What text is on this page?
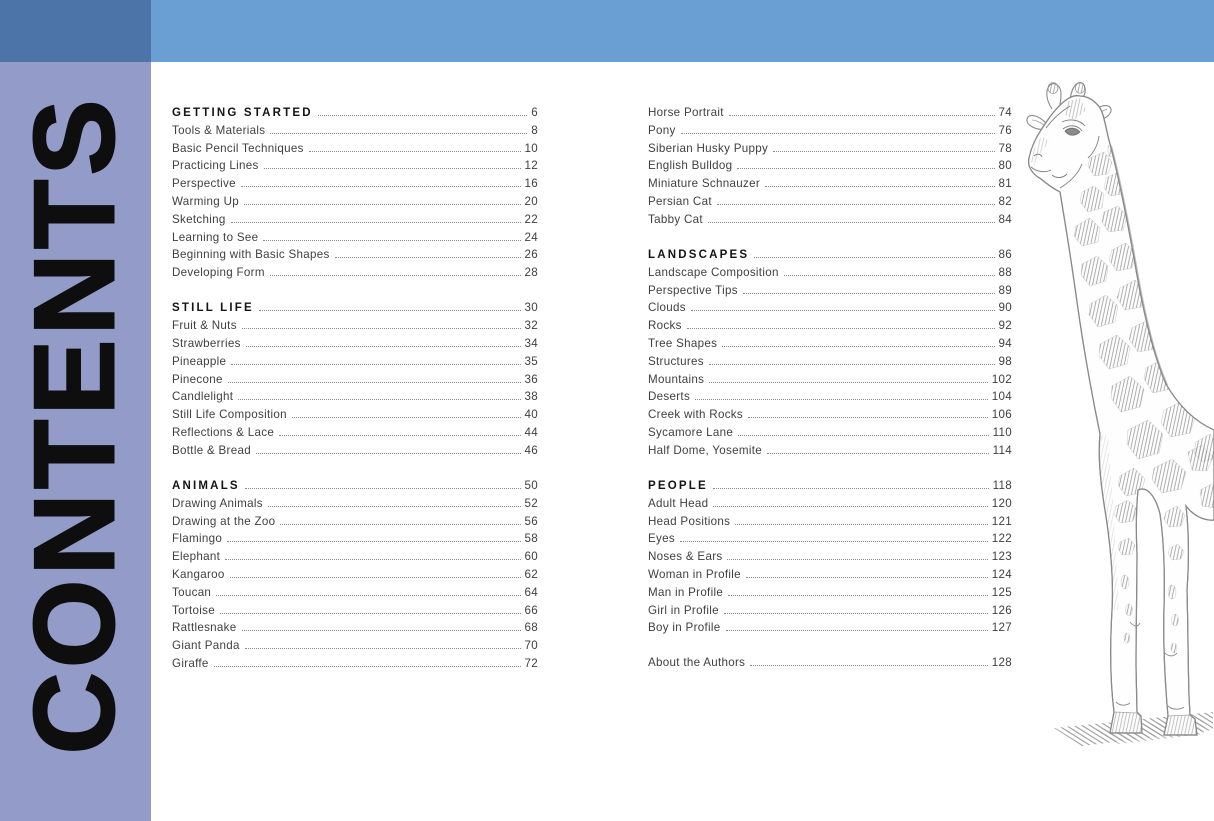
CONTENTS	GETTING STARTED	6
Tools & Materials	8
Basic Pencil Techniques	10
Practicing Lines	12
Perspective	16
Warming Up	20
Sketching	22
Learning to See	24
Beginning with Basic Shapes	26
Developing Form	28
STILL LIFE	30
Fruit & Nuts	32
Strawberries	34
Pineapple	35
Pinecone	36
Candlelight	38
Still Life Composition	40
Reflections & Lace	44
Bottle & Bread	46
ANIMALS	50
Drawing Animals	52
Drawing at the Zoo	56
Flamingo	58
Elephant	60
Kangaroo	62
Toucan	64
Tortoise	66
Rattlesnake	68
Giant Panda	70
Giraffe	72
Horse Portrait	74
Pony	76
Siberian Husky Puppy	78
English Bulldog	80
Miniature Schnauzer	81
Persian Cat	82
Tabby Cat	84
LANDSCAPES	86
Landscape Composition	88
Perspective Tips	89
Clouds	90
Rocks	92
Tree Shapes	94
Structures	98
Mountains	102
Deserts	104
Creek with Rocks	106
Sycamore Lane	110
Half Dome, Yosemite	114
PEOPLE	118
Adult Head	120
Head Positions	121
Eyes	122
Noses & Ears	123
Woman in Profile	124
Man in Profile	125
Girl in Profile	126
Boy in Profile	127
About the Authors	128
